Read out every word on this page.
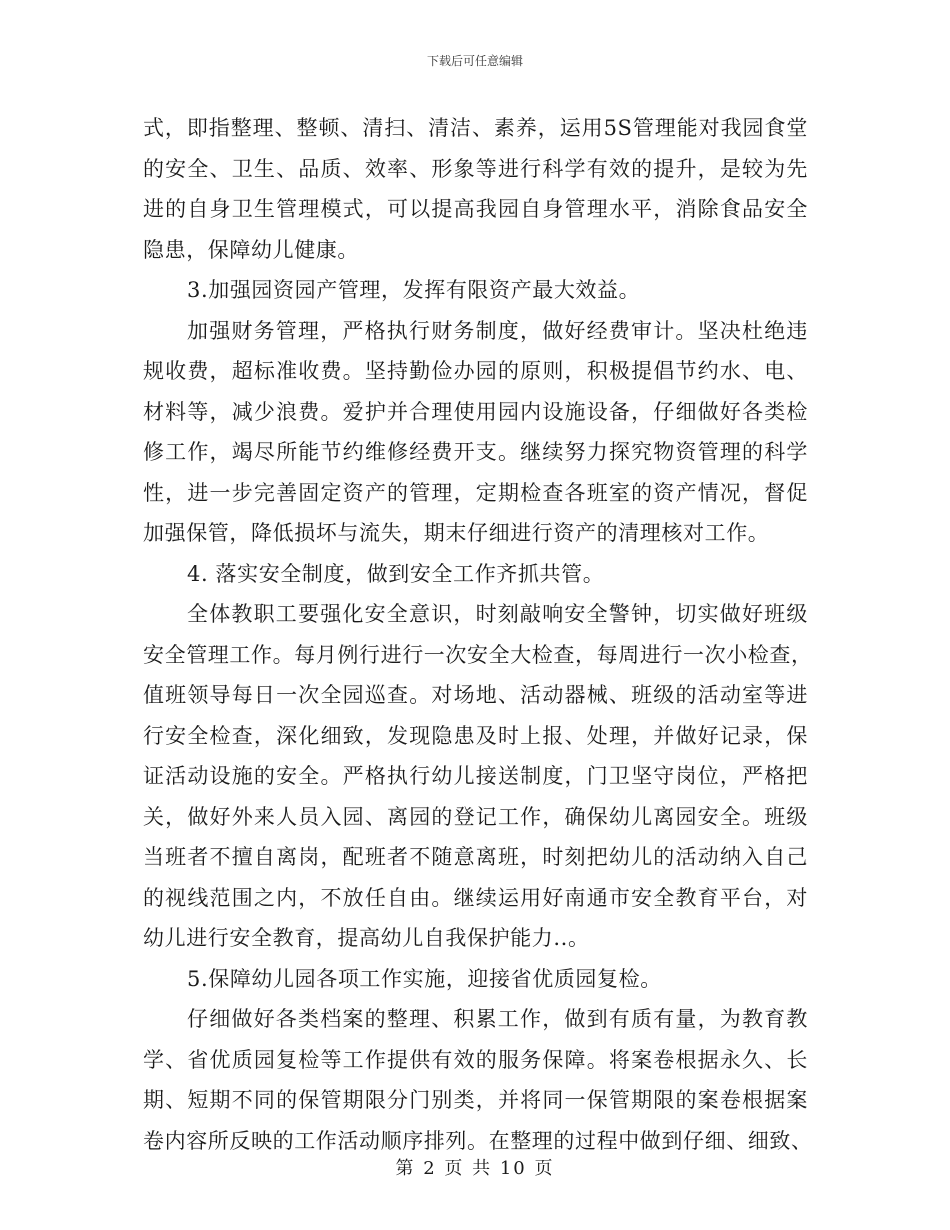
下载后可任意编辑
式，即指整理、整顿、清扫、清洁、素养，运用5S管理能对我园食堂
的安全、卫生、品质、效率、形象等进行科学有效的提升，是较为先
进的自身卫生管理模式，可以提高我园自身管理水平，消除食品安全
隐患，保障幼儿健康。
3.加强园资园产管理，发挥有限资产最大效益。
加强财务管理，严格执行财务制度，做好经费审计。坚决杜绝违
规收费，超标准收费。坚持勤俭办园的原则，积极提倡节约水、电、
材料等，减少浪费。爱护并合理使用园内设施设备，仔细做好各类检
修工作，竭尽所能节约维修经费开支。继续努力探究物资管理的科学
性，进一步完善固定资产的管理，定期检查各班室的资产情况，督促
加强保管，降低损坏与流失，期末仔细进行资产的清理核对工作。
4. 落实安全制度，做到安全工作齐抓共管。
全体教职工要强化安全意识，时刻敲响安全警钟，切实做好班级
安全管理工作。每月例行进行一次安全大检查，每周进行一次小检查，
值班领导每日一次全园巡查。对场地、活动器械、班级的活动室等进
行安全检查，深化细致，发现隐患及时上报、处理，并做好记录，保
证活动设施的安全。严格执行幼儿接送制度，门卫坚守岗位，严格把
关，做好外来人员入园、离园的登记工作，确保幼儿离园安全。班级
当班者不擅自离岗，配班者不随意离班，时刻把幼儿的活动纳入自己
的视线范围之内，不放任自由。继续运用好南通市安全教育平台，对
幼儿进行安全教育，提高幼儿自我保护能力..。
5.保障幼儿园各项工作实施，迎接省优质园复检。
仔细做好各类档案的整理、积累工作，做到有质有量，为教育教
学、省优质园复检等工作提供有效的服务保障。将案卷根据永久、长
期、短期不同的保管期限分门别类，并将同一保管期限的案卷根据案
卷内容所反映的工作活动顺序排列。在整理的过程中做到仔细、细致、
第 2 页 共 10 页
